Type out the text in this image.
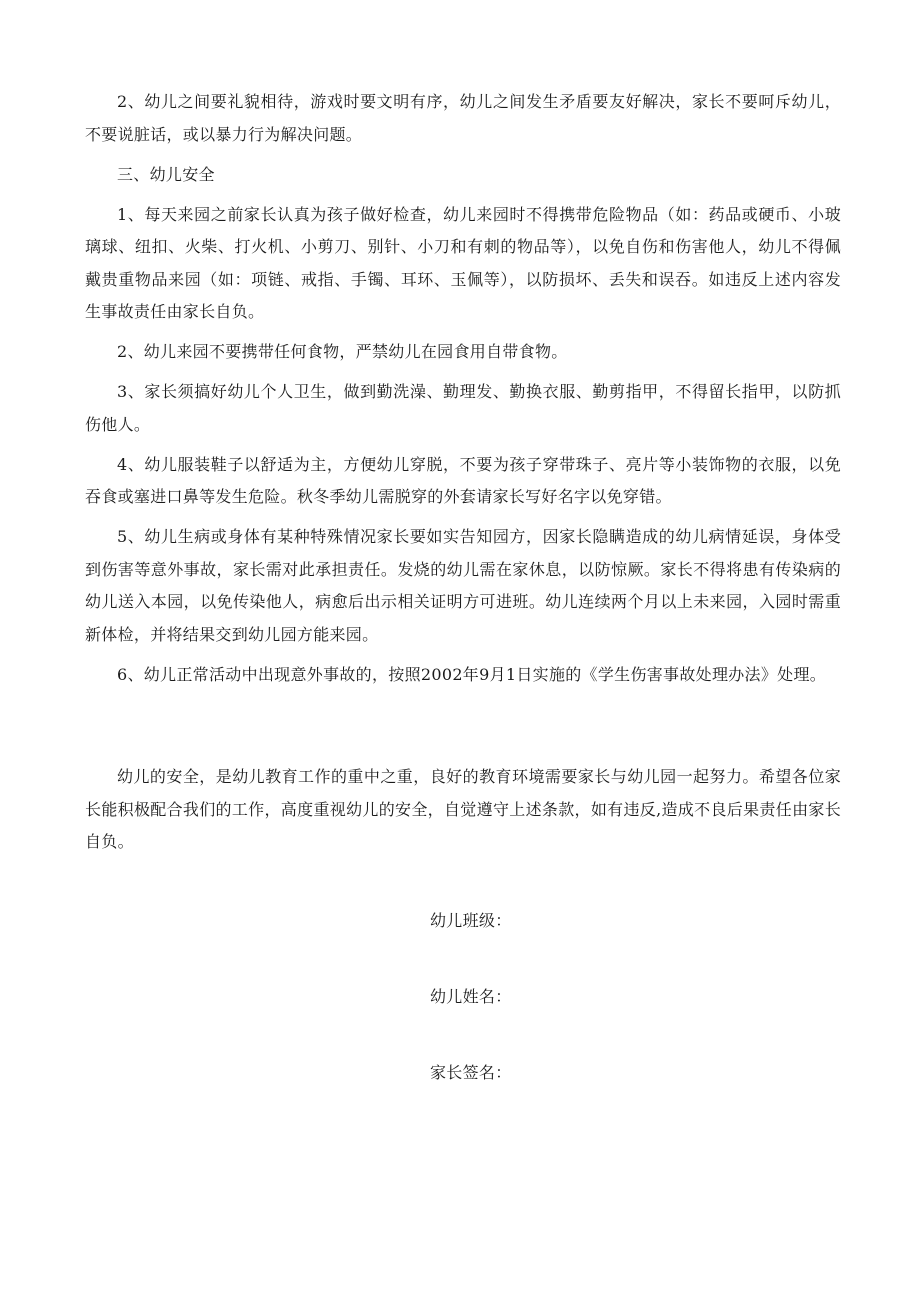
2、幼儿之间要礼貌相待，游戏时要文明有序，幼儿之间发生矛盾要友好解决，家长不要呵斥幼儿，不要说脏话，或以暴力行为解决问题。

三、幼儿安全

1、每天来园之前家长认真为孩子做好检查，幼儿来园时不得携带危险物品（如：药品或硬币、小玻璃球、纽扣、火柴、打火机、小剪刀、别针、小刀和有刺的物品等），以免自伤和伤害他人，幼儿不得佩戴贵重物品来园（如：项链、戒指、手镯、耳环、玉佩等），以防损坏、丢失和误吞。如违反上述内容发生事故责任由家长自负。

2、幼儿来园不要携带任何食物，严禁幼儿在园食用自带食物。

3、家长须搞好幼儿个人卫生，做到勤洗澡、勤理发、勤换衣服、勤剪指甲，不得留长指甲，以防抓伤他人。

4、幼儿服装鞋子以舒适为主，方便幼儿穿脱，不要为孩子穿带珠子、亮片等小装饰物的衣服，以免吞食或塞进口鼻等发生危险。秋冬季幼儿需脱穿的外套请家长写好名字以免穿错。

5、幼儿生病或身体有某种特殊情况家长要如实告知园方，因家长隐瞒造成的幼儿病情延误，身体受到伤害等意外事故，家长需对此承担责任。发烧的幼儿需在家休息，以防惊厥。家长不得将患有传染病的幼儿送入本园，以免传染他人，病愈后出示相关证明方可进班。幼儿连续两个月以上未来园，入园时需重新体检，并将结果交到幼儿园方能来园。

6、幼儿正常活动中出现意外事故的，按照2002年9月1日实施的《学生伤害事故处理办法》处理。

幼儿的安全，是幼儿教育工作的重中之重，良好的教育环境需要家长与幼儿园一起努力。希望各位家长能积极配合我们的工作，高度重视幼儿的安全，自觉遵守上述条款，如有违反,造成不良后果责任由家长自负。

幼儿班级：

幼儿姓名：

家长签名：
